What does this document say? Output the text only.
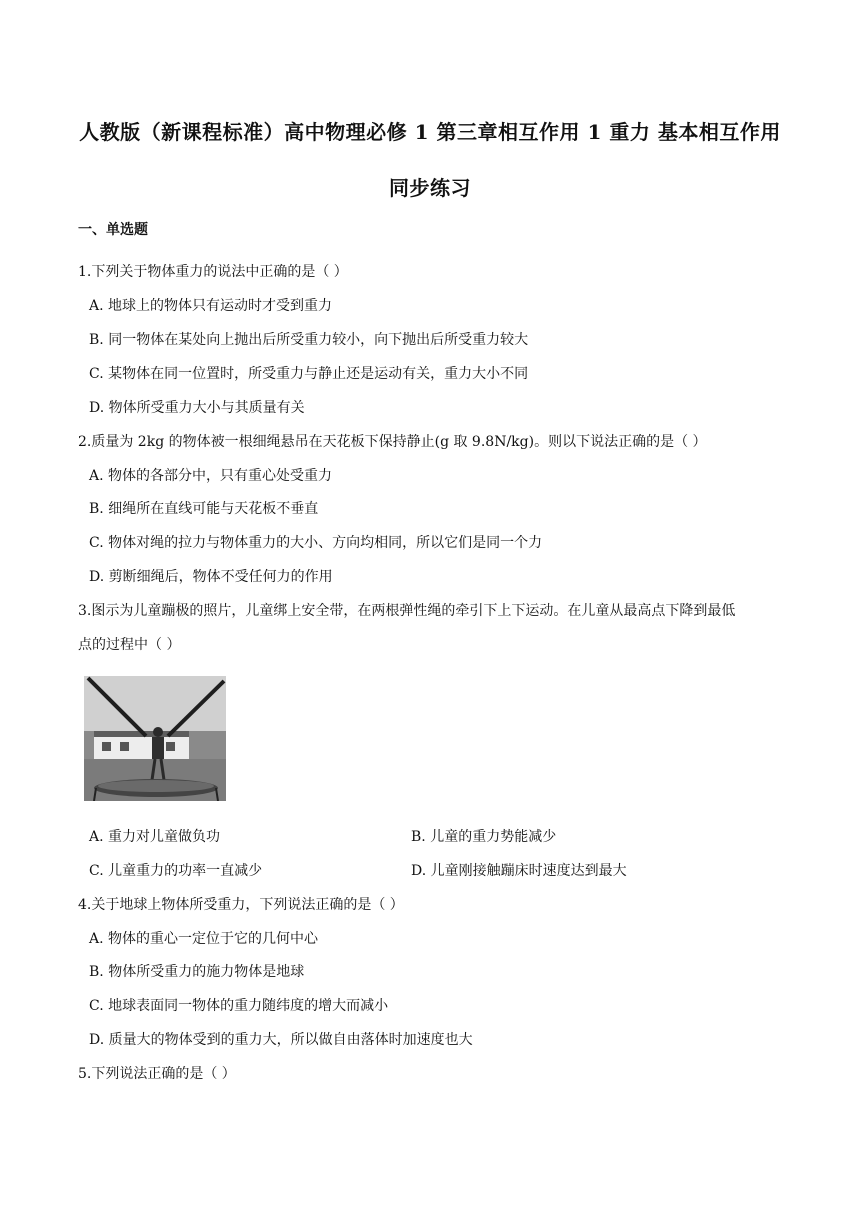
人教版（新课程标准）高中物理必修 1 第三章相互作用 1 重力 基本相互作用
同步练习
一、单选题
1.下列关于物体重力的说法中正确的是（ ）
A. 地球上的物体只有运动时才受到重力
B. 同一物体在某处向上抛出后所受重力较小，向下抛出后所受重力较大
C. 某物体在同一位置时，所受重力与静止还是运动有关，重力大小不同
D. 物体所受重力大小与其质量有关
2.质量为 2kg 的物体被一根细绳悬吊在天花板下保持静止(g 取 9.8N/kg)。则以下说法正确的是（ ）
A. 物体的各部分中，只有重心处受重力
B. 细绳所在直线可能与天花板不垂直
C. 物体对绳的拉力与物体重力的大小、方向均相同，所以它们是同一个力
D. 剪断细绳后，物体不受任何力的作用
3.图示为儿童蹦极的照片，儿童绑上安全带，在两根弹性绳的牵引下上下运动。在儿童从最高点下降到最低
点的过程中（ ）
A. 重力对儿童做负功	B. 儿童的重力势能减少
C. 儿童重力的功率一直减少	D. 儿童刚接触蹦床时速度达到最大
4.关于地球上物体所受重力，下列说法正确的是（ ）
A. 物体的重心一定位于它的几何中心
B. 物体所受重力的施力物体是地球
C. 地球表面同一物体的重力随纬度的增大而减小
D. 质量大的物体受到的重力大，所以做自由落体时加速度也大
5.下列说法正确的是（ ）
